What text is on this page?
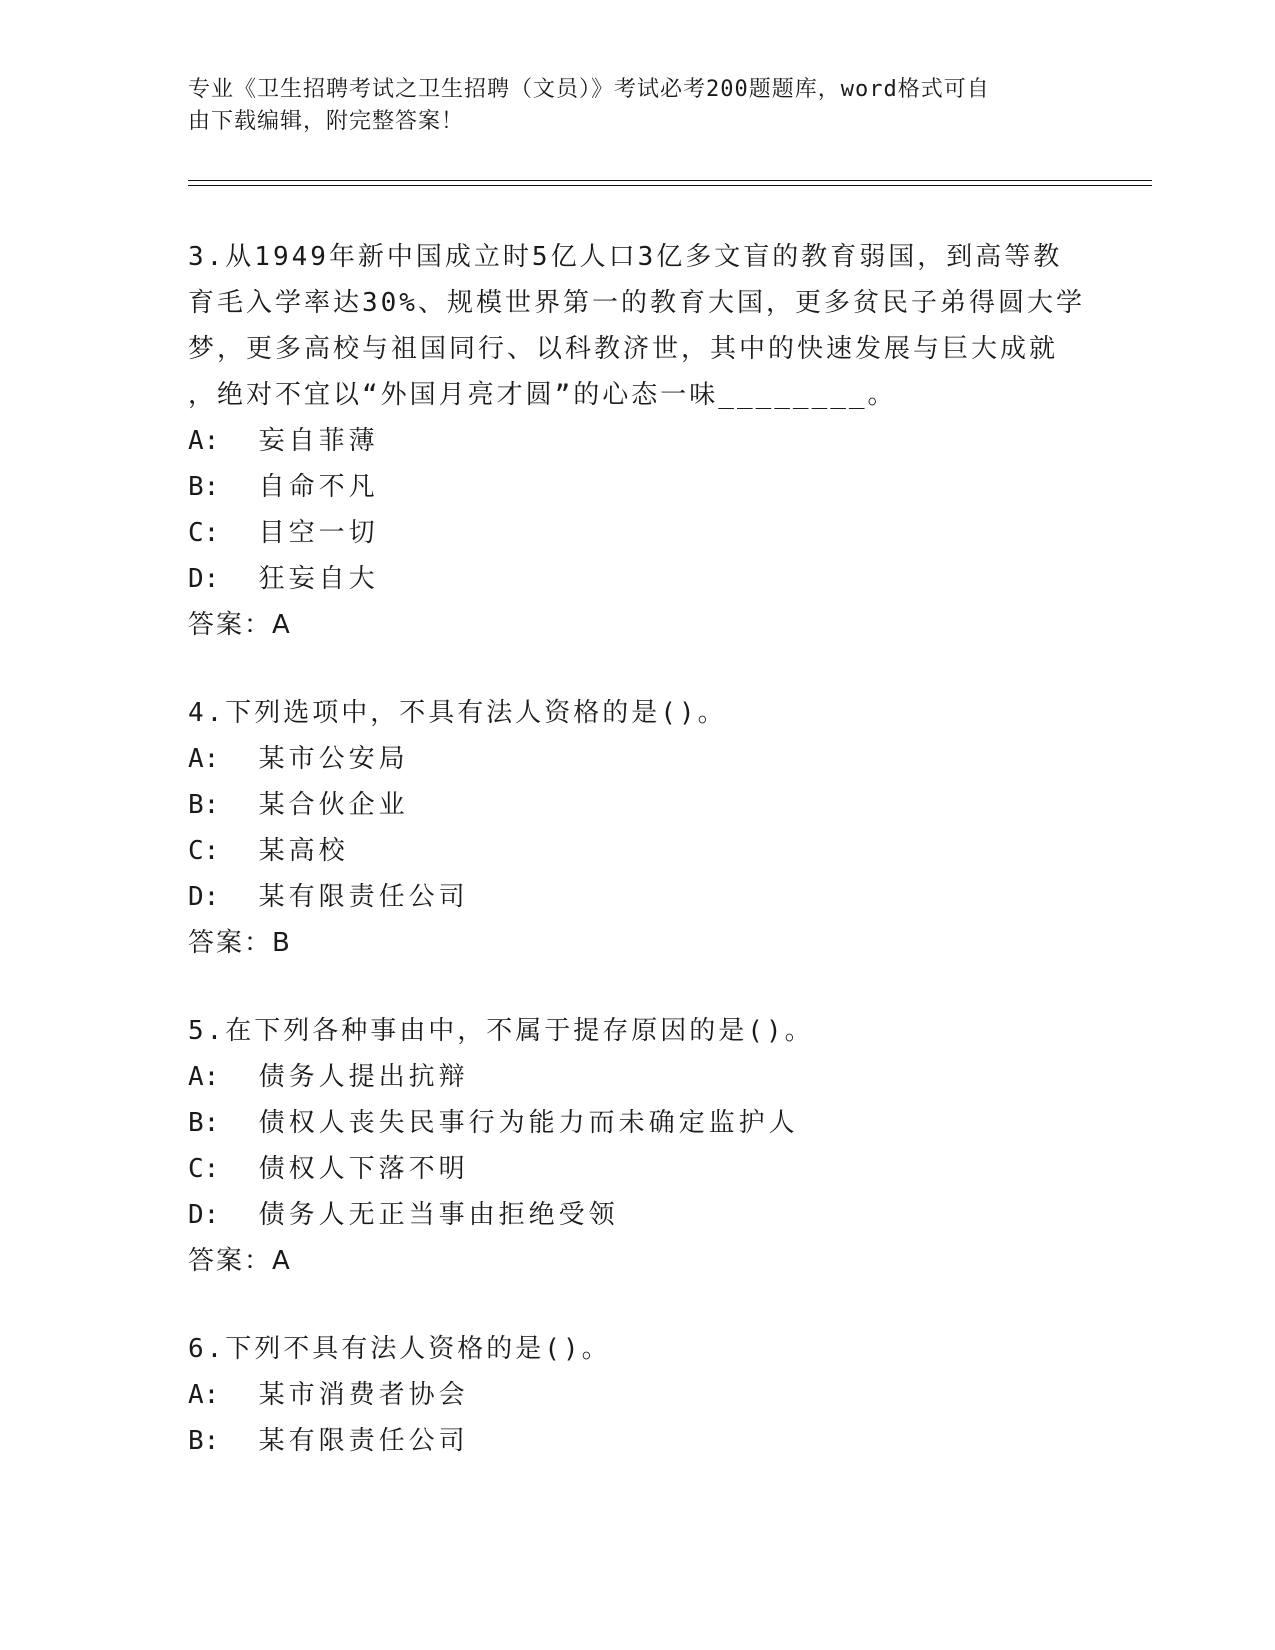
专业《卫生招聘考试之卫生招聘（文员）》考试必考200题题库，word格式可自
由下载编辑，附完整答案！
3.从1949年新中国成立时5亿人口3亿多文盲的教育弱国，到高等教
育毛入学率达30%、规模世界第一的教育大国，更多贫民子弟得圆大学
梦，更多高校与祖国同行、以科教济世，其中的快速发展与巨大成就
，绝对不宜以“外国月亮才圆”的心态一味________。
A: 妄自菲薄
B: 自命不凡
C: 目空一切
D: 狂妄自大
答案：A
4.下列选项中，不具有法人资格的是()。
A: 某市公安局
B: 某合伙企业
C: 某高校
D: 某有限责任公司
答案：B
5.在下列各种事由中，不属于提存原因的是()。
A: 债务人提出抗辩
B: 债权人丧失民事行为能力而未确定监护人
C: 债权人下落不明
D: 债务人无正当事由拒绝受领
答案：A
6.下列不具有法人资格的是()。
A: 某市消费者协会
B: 某有限责任公司
